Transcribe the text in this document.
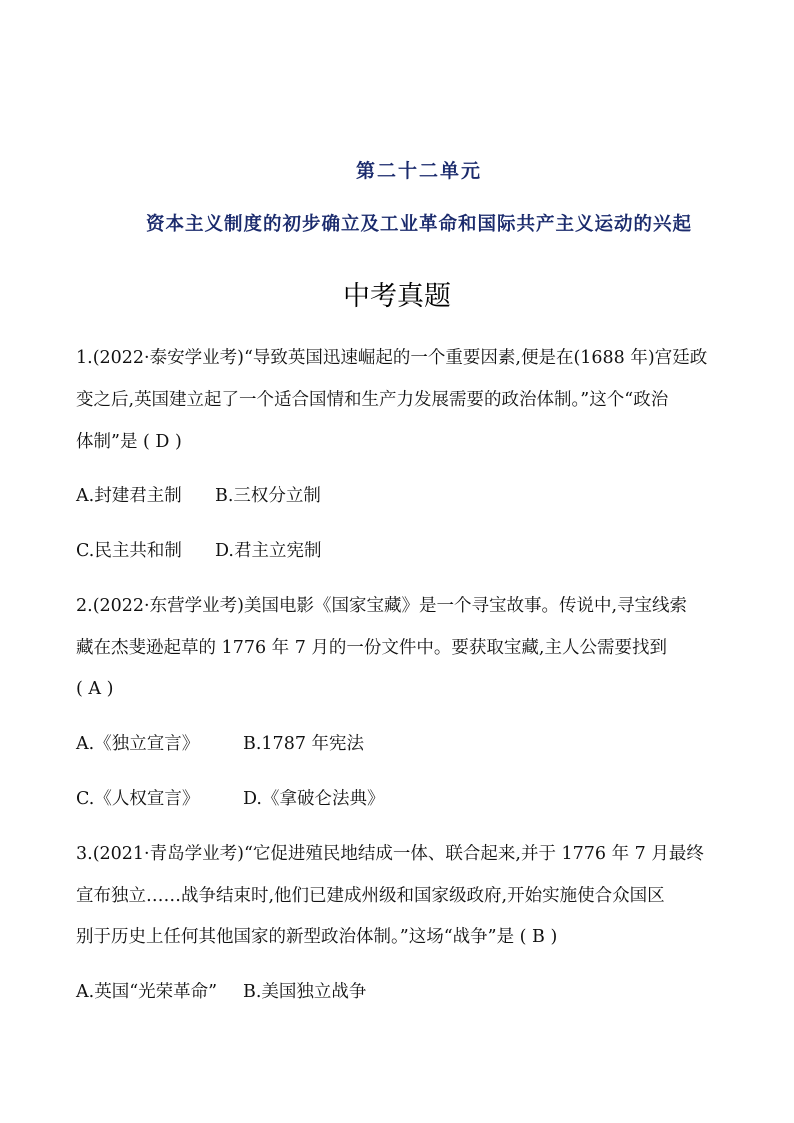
第二十二单元
资本主义制度的初步确立及工业革命和国际共产主义运动的兴起
中考真题
1.(2022·泰安学业考)“导致英国迅速崛起的一个重要因素,便是在(1688 年)宫廷政
变之后,英国建立起了一个适合国情和生产力发展需要的政治体制。”这个“政治
体制”是 ( D )
A.封建君主制 B.三权分立制
C.民主共和制 D.君主立宪制
2.(2022·东营学业考)美国电影《国家宝藏》是一个寻宝故事。传说中,寻宝线索
藏在杰斐逊起草的 1776 年 7 月的一份文件中。要获取宝藏,主人公需要找到
( A )
A.《独立宣言》	B.1787 年宪法
C.《人权宣言》 D.《拿破仑法典》
3.(2021·青岛学业考)“它促进殖民地结成一体、联合起来,并于 1776 年 7 月最终
宣布独立……战争结束时,他们已建成州级和国家级政府,开始实施使合众国区
别于历史上任何其他国家的新型政治体制。”这场“战争”是 ( B )
A.英国“光荣革命” B.美国独立战争
